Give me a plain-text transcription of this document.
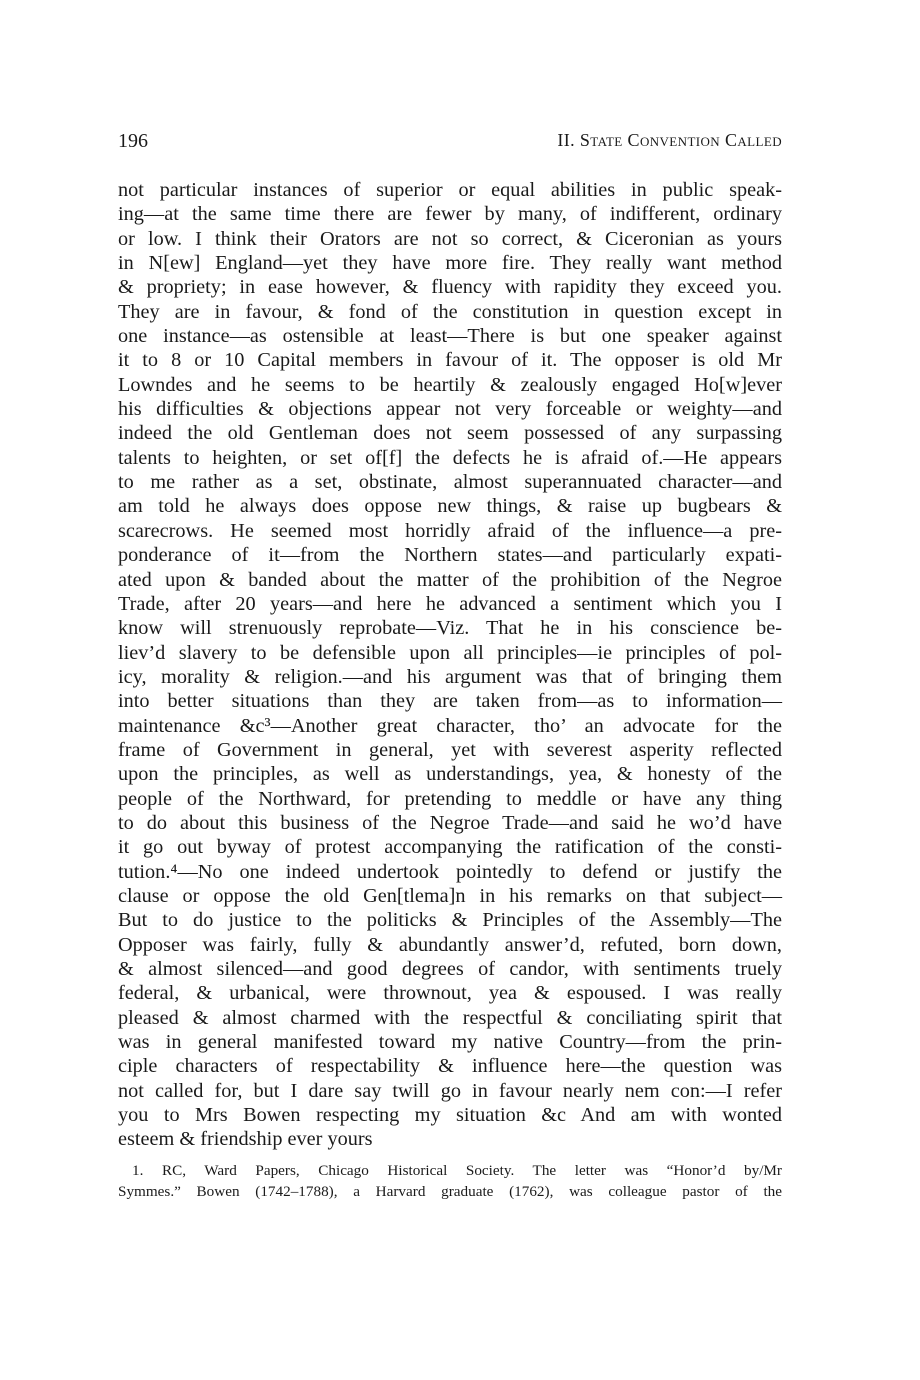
196	II. State Convention Called
not particular instances of superior or equal abilities in public speak-
ing—at the same time there are fewer by many, of indifferent, ordinary
or low. I think their Orators are not so correct, & Ciceronian as yours
in N[ew] England—yet they have more fire. They really want method
& propriety; in ease however, & fluency with rapidity they exceed you.
They are in favour, & fond of the constitution in question except in
one instance—as ostensible at least—There is but one speaker against
it to 8 or 10 Capital members in favour of it. The opposer is old Mr
Lowndes and he seems to be heartily & zealously engaged Ho[w]ever
his difficulties & objections appear not very forceable or weighty—and
indeed the old Gentleman does not seem possessed of any surpassing
talents to heighten, or set of[f] the defects he is afraid of.—He appears
to me rather as a set, obstinate, almost superannuated character—and
am told he always does oppose new things, & raise up bugbears &
scarecrows. He seemed most horridly afraid of the influence—a pre-
ponderance of it—from the Northern states—and particularly expati-
ated upon & banded about the matter of the prohibition of the Negroe
Trade, after 20 years—and here he advanced a sentiment which you I
know will strenuously reprobate—Viz. That he in his conscience be-
liev’d slavery to be defensible upon all principles—ie principles of pol-
icy, morality & religion.—and his argument was that of bringing them
into better situations than they are taken from—as to information—
maintenance &c³—Another great character, tho’ an advocate for the
frame of Government in general, yet with severest asperity reflected
upon the principles, as well as understandings, yea, & honesty of the
people of the Northward, for pretending to meddle or have any thing
to do about this business of the Negroe Trade—and said he wo’d have
it go out byway of protest accompanying the ratification of the consti-
tution.⁴—No one indeed undertook pointedly to defend or justify the
clause or oppose the old Gen[tlema]n in his remarks on that subject—
But to do justice to the politicks & Principles of the Assembly—The
Opposer was fairly, fully & abundantly answer’d, refuted, born down,
& almost silenced—and good degrees of candor, with sentiments truely
federal, & urbanical, were thrownout, yea & espoused. I was really
pleased & almost charmed with the respectful & conciliating spirit that
was in general manifested toward my native Country—from the prin-
ciple characters of respectability & influence here—the question was
not called for, but I dare say twill go in favour nearly nem con:—I refer
you to Mrs Bowen respecting my situation &c And am with wonted
esteem & friendship ever yours
1. RC, Ward Papers, Chicago Historical Society. The letter was “Honor’d by/Mr
Symmes.” Bowen (1742–1788), a Harvard graduate (1762), was colleague pastor of the
